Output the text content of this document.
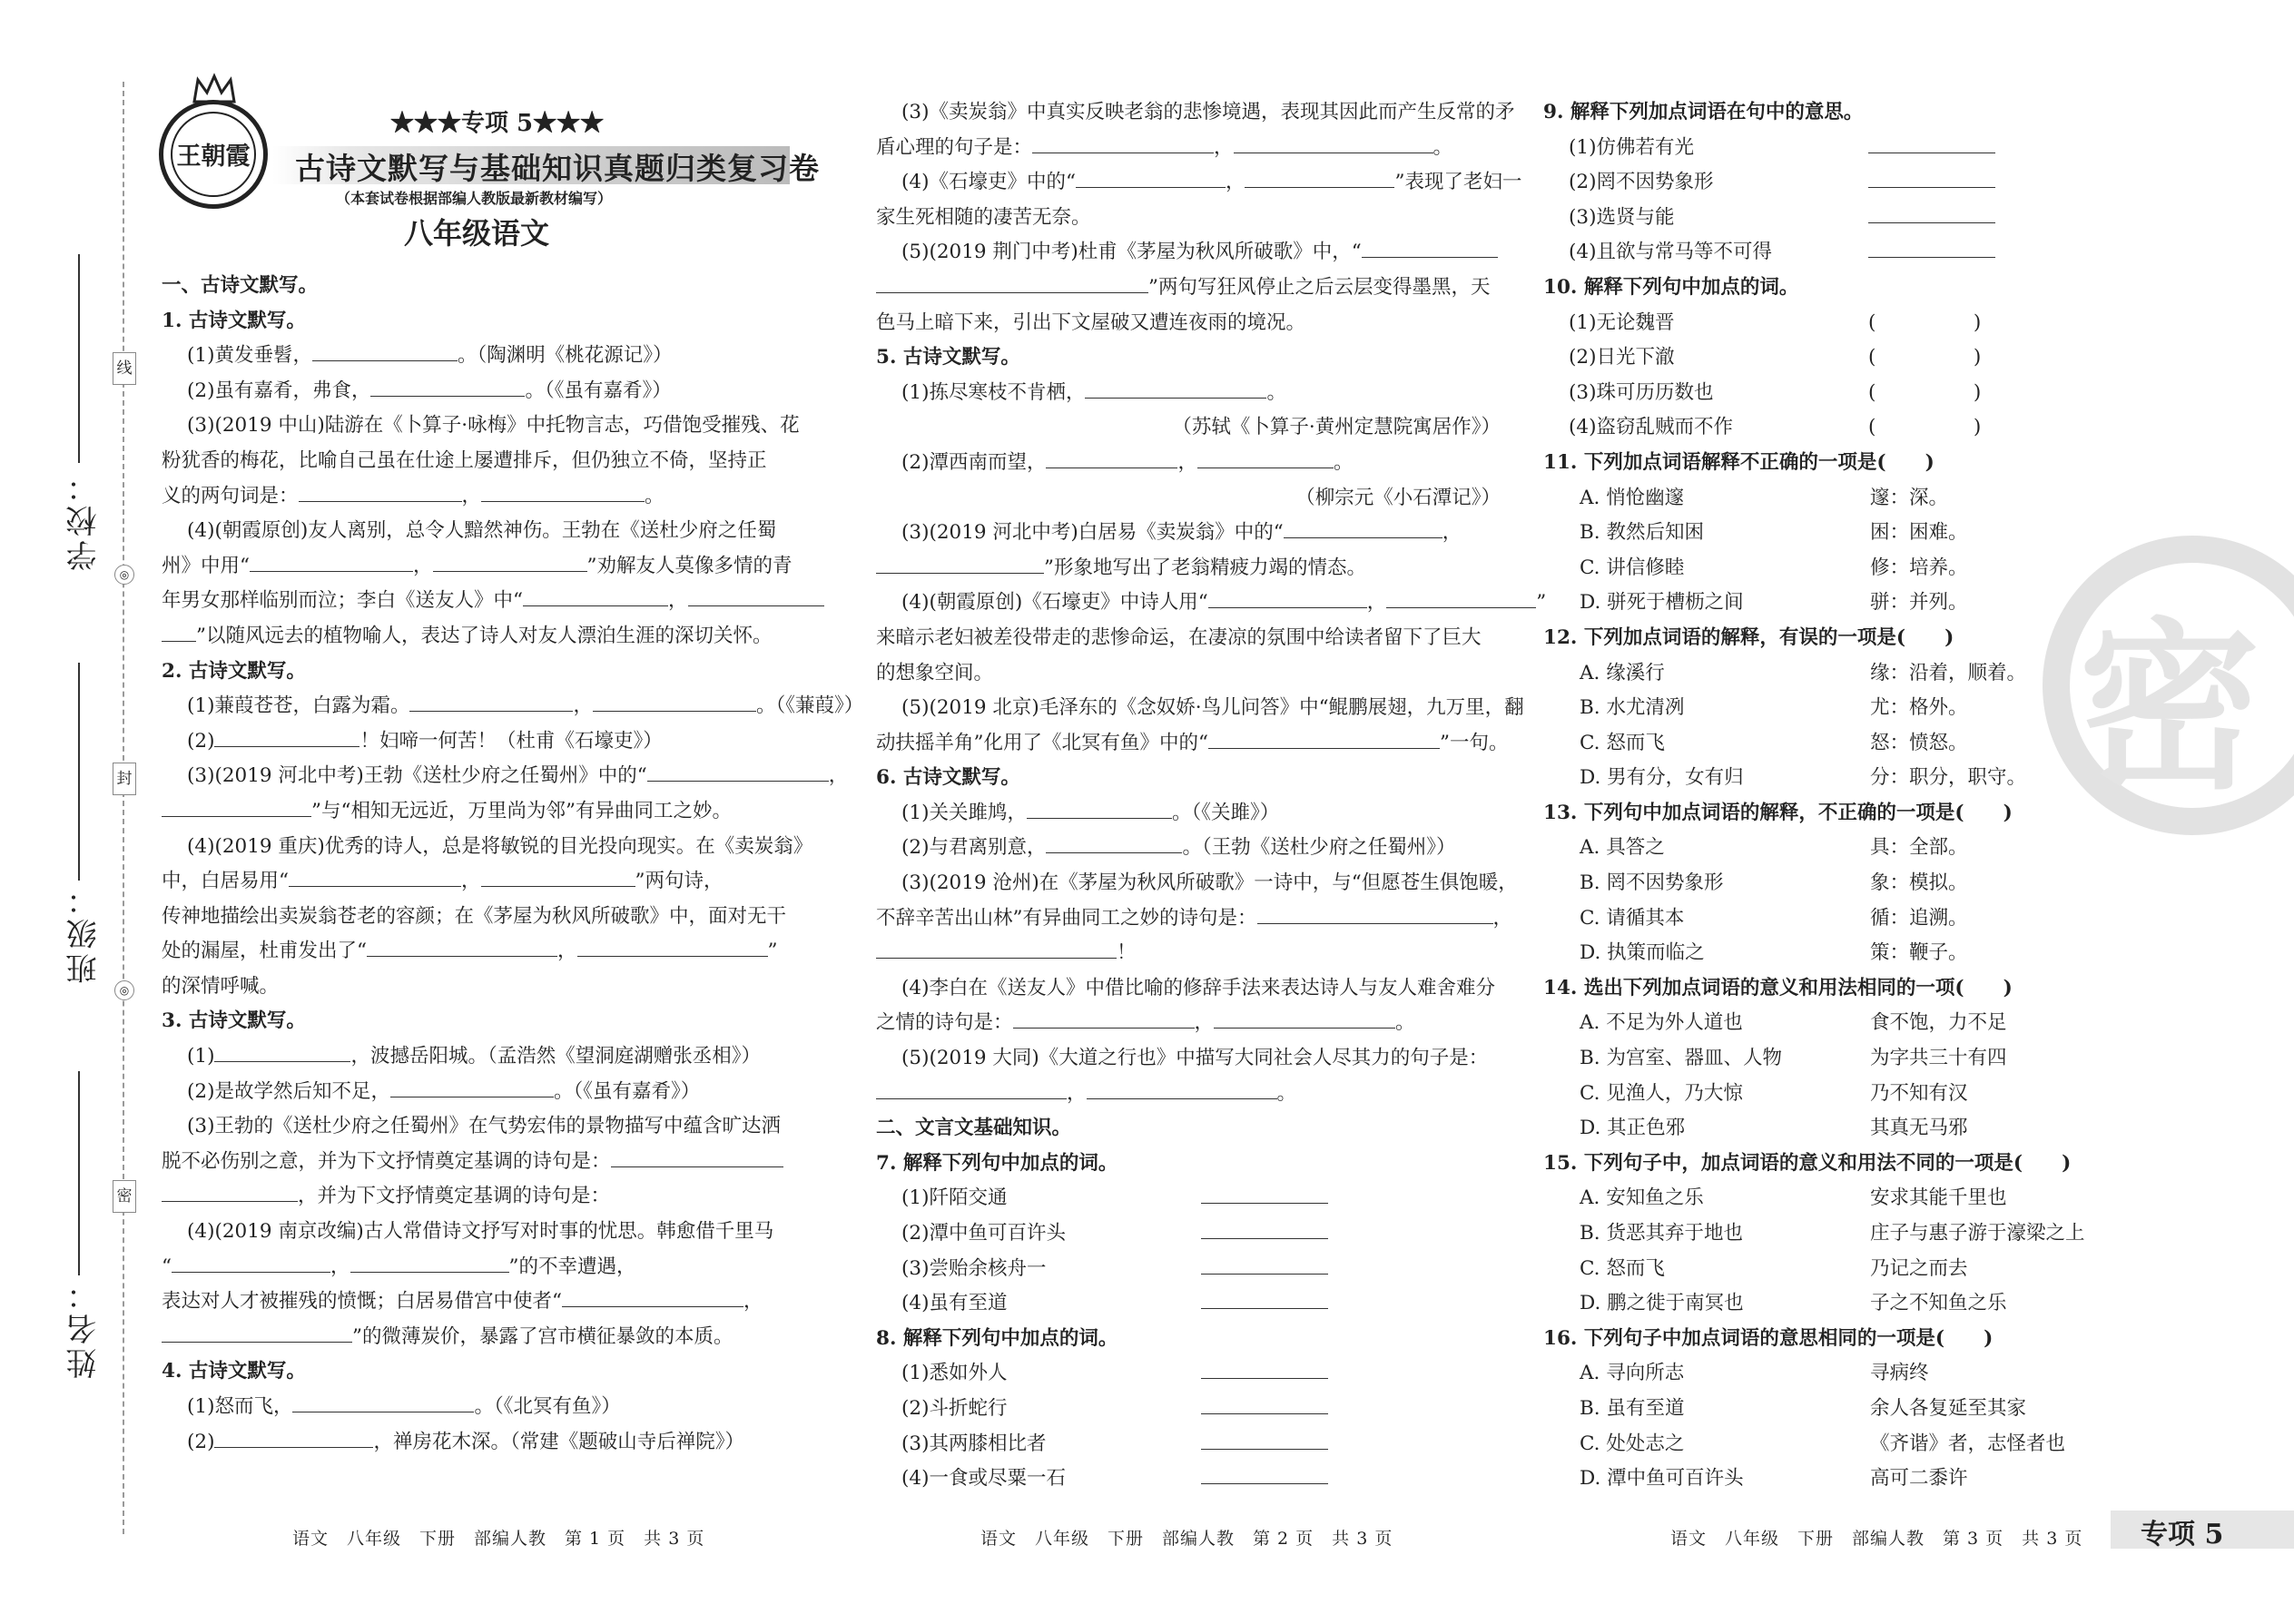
学校：
班级：
姓名：
线
◎
封
◎
密
王朝霞
★★★专项 5★★★
古诗文默写与基础知识真题归类复习卷
（本套试卷根据部编人教版最新教材编写）
八年级语文

一、古诗文默写。

1. 古诗文默写。

(1)黄发垂髫，	。（陶渊明《桃花源记》）

(2)虽有嘉肴，弗食，	。（《虽有嘉肴》）

(3)(2019 中山)陆游在《卜算子·咏梅》中托物言志，巧借饱受摧残、花

粉犹香的梅花，比喻自己虽在仕途上屡遭排斥，但仍独立不倚，坚持正

义的两句词是：	，	。

(4)(朝霞原创)友人离别，总令人黯然神伤。王勃在《送杜少府之任蜀

州》中用“	，	”劝解友人莫像多情的青

年男女那样临别而泣；李白《送友人》中“	，

”以随风远去的植物喻人，表达了诗人对友人漂泊生涯的深切关怀。

2. 古诗文默写。

(1)蒹葭苍苍，白露为霜。	，	。（《蒹葭》）

(2)	！妇啼一何苦！（杜甫《石壕吏》）

(3)(2019 河北中考)王勃《送杜少府之任蜀州》中的“	，

”与“相知无远近，万里尚为邻”有异曲同工之妙。

(4)(2019 重庆)优秀的诗人，总是将敏锐的目光投向现实。在《卖炭翁》

中，白居易用“	，	”两句诗，

传神地描绘出卖炭翁苍老的容颜；在《茅屋为秋风所破歌》中，面对无干

处的漏屋，杜甫发出了“	，	”

的深情呼喊。

3. 古诗文默写。

(1)	，波撼岳阳城。（孟浩然《望洞庭湖赠张丞相》）

(2)是故学然后知不足，	。（《虽有嘉肴》）

(3)王勃的《送杜少府之任蜀州》在气势宏伟的景物描写中蕴含旷达洒

脱不必伤别之意，并为下文抒情奠定基调的诗句是：

，并为下文抒情奠定基调的诗句是：

(4)(2019 南京改编)古人常借诗文抒写对时事的忧思。韩愈借千里马

“	，	”的不幸遭遇，

表达对人才被摧残的愤慨；白居易借宫中使者“	，

”的微薄炭价，暴露了宫市横征暴敛的本质。

4. 古诗文默写。

(1)怒而飞，	。（《北冥有鱼》）

(2)	，禅房花木深。（常建《题破山寺后禅院》）

(3)《卖炭翁》中真实反映老翁的悲惨境遇，表现其因此而产生反常的矛

盾心理的句子是：	，	。

(4)《石壕吏》中的“	，	”表现了老妇一

家生死相随的凄苦无奈。

(5)(2019 荆门中考)杜甫《茅屋为秋风所破歌》中，“

”两句写狂风停止之后云层变得墨黑，天

色马上暗下来，引出下文屋破又遭连夜雨的境况。

5. 古诗文默写。

(1)拣尽寒枝不肯栖，	。

（苏轼《卜算子·黄州定慧院寓居作》）

(2)潭西南而望，	，	。

（柳宗元《小石潭记》）

(3)(2019 河北中考)白居易《卖炭翁》中的“	，

”形象地写出了老翁精疲力竭的情态。

(4)(朝霞原创)《石壕吏》中诗人用“	，	”

来暗示老妇被差役带走的悲惨命运，在凄凉的氛围中给读者留下了巨大

的想象空间。

(5)(2019 北京)毛泽东的《念奴娇·鸟儿问答》中“鲲鹏展翅，九万里，翻

动扶摇羊角”化用了《北冥有鱼》中的“	”一句。

6. 古诗文默写。

(1)关关雎鸠，	。（《关雎》）

(2)与君离别意，	。（王勃《送杜少府之任蜀州》）

(3)(2019 沧州)在《茅屋为秋风所破歌》一诗中，与“但愿苍生俱饱暖，

不辞辛苦出山林”有异曲同工之妙的诗句是：	，

！

(4)李白在《送友人》中借比喻的修辞手法来表达诗人与友人难舍难分

之情的诗句是：	，	。

(5)(2019 大同)《大道之行也》中描写大同社会人尽其力的句子是：

，	。

二、文言文基础知识。

7. 解释下列句中加点的词。

(1)阡陌交通

(2)潭中鱼可百许头

(3)尝贻余核舟一

(4)虽有至道

8. 解释下列句中加点的词。

(1)悉如外人

(2)斗折蛇行

(3)其两膝相比者

(4)一食或尽粟一石

9. 解释下列加点词语在句中的意思。

(1)仿佛若有光

(2)罔不因势象形

(3)选贤与能

(4)且欲与常马等不可得

10. 解释下列句中加点的词。

(1)无论魏晋	(　　　　　)

(2)日光下澈	(　　　　　)

(3)珠可历历数也	(　　　　　)

(4)盗窃乱贼而不作	(　　　　　)

11. 下列加点词语解释不正确的一项是(　　)

A. 悄怆幽邃	邃：深。

B. 教然后知困	困：困难。

C. 讲信修睦	修：培养。

D. 骈死于槽枥之间	骈：并列。

12. 下列加点词语的解释，有误的一项是(　　)

A. 缘溪行	缘：沿着，顺着。

B. 水尤清冽	尤：格外。

C. 怒而飞	怒：愤怒。

D. 男有分，女有归	分：职分，职守。

13. 下列句中加点词语的解释，不正确的一项是(　　)

A. 具答之	具：全部。

B. 罔不因势象形	象：模拟。

C. 请循其本	循：追溯。

D. 执策而临之	策：鞭子。

14. 选出下列加点词语的意义和用法相同的一项(　　)

A. 不足为外人道也	食不饱，力不足

B. 为宫室、器皿、人物	为字共三十有四

C. 见渔人，乃大惊	乃不知有汉

D. 其正色邪	其真无马邪

15. 下列句子中，加点词语的意义和用法不同的一项是(　　)

A. 安知鱼之乐	安求其能千里也

B. 货恶其弃于地也	庄子与惠子游于濠梁之上

C. 怒而飞	乃记之而去

D. 鹏之徙于南冥也	子之不知鱼之乐

16. 下列句子中加点词语的意思相同的一项是(　　)

A. 寻向所志	寻病终

B. 虽有至道	余人各复延至其家

C. 处处志之	《齐谐》者，志怪者也

D. 潭中鱼可百许头	高可二黍许

密
语文　八年级　下册　部编人教　第 1 页　共 3 页	语文　八年级　下册　部编人教　第 2 页　共 3 页	语文　八年级　下册　部编人教　第 3 页　共 3 页 专项 5
